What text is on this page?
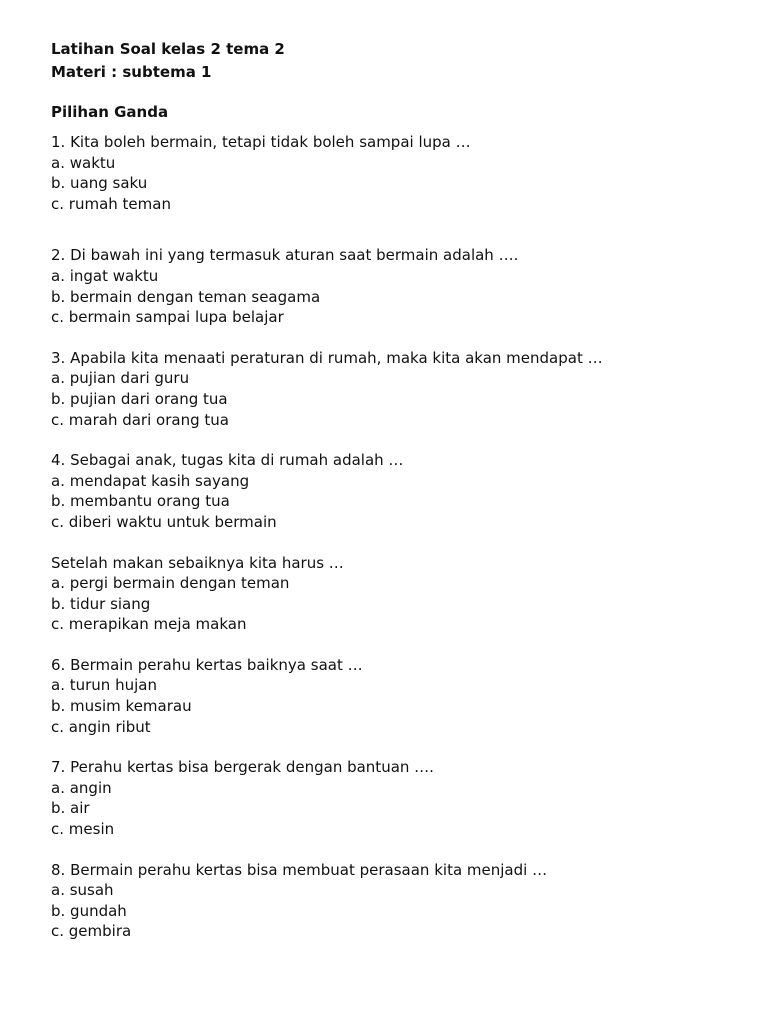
Latihan Soal kelas 2 tema 2

Materi : subtema 1

Pilihan Ganda

1. Kita boleh bermain, tetapi tidak boleh sampai lupa …

a. waktu

b. uang saku

c. rumah teman

2. Di bawah ini yang termasuk aturan saat bermain adalah ….

a. ingat waktu

b. bermain dengan teman seagama

c. bermain sampai lupa belajar

3. Apabila kita menaati peraturan di rumah, maka kita akan mendapat …

a. pujian dari guru

b. pujian dari orang tua

c. marah dari orang tua

4. Sebagai anak, tugas kita di rumah adalah …

a. mendapat kasih sayang

b. membantu orang tua

c. diberi waktu untuk bermain

Setelah makan sebaiknya kita harus …

a. pergi bermain dengan teman

b. tidur siang

c. merapikan meja makan

6. Bermain perahu kertas baiknya saat …

a. turun hujan

b. musim kemarau

c. angin ribut

7. Perahu kertas bisa bergerak dengan bantuan ….

a. angin

b. air

c. mesin

8. Bermain perahu kertas bisa membuat perasaan kita menjadi …

a. susah

b. gundah

c. gembira
